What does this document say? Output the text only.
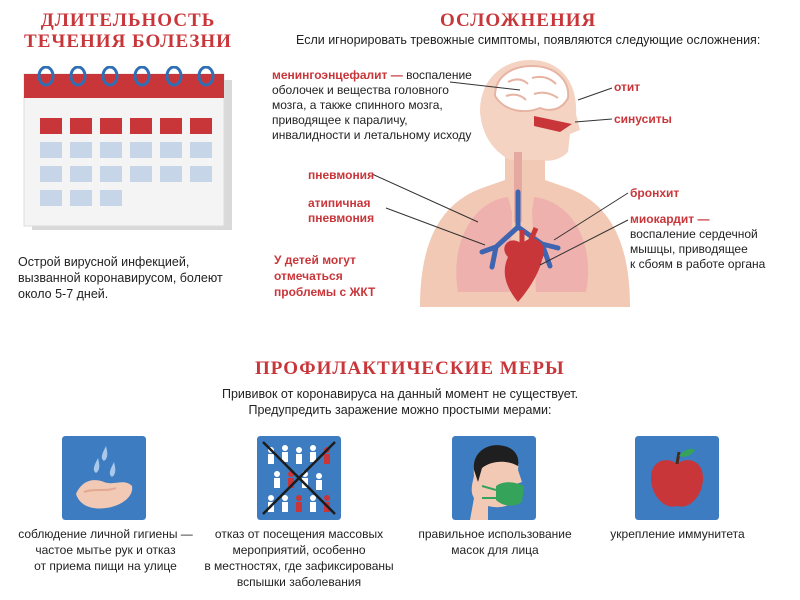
ДЛИТЕЛЬНОСТЬ
ТЕЧЕНИЯ БОЛЕЗНИ

Острой вирусной инфекцией,
вызванной коронавирусом, болеют
около 5-7 дней.

ОСЛОЖНЕНИЯ

Если игнорировать тревожные симптомы, появляются следующие осложнения:

менингоэнцефалит — воспаление
оболочек и вещества головного
мозга, а также спинного мозга,
приводящее к параличу,
инвалидности и летальному исходу

пневмония

атипичная
пневмония

У детей могут
отмечаться
проблемы с ЖКТ

отит

синуситы

бронхит

миокардит —
воспаление сердечной
мышцы, приводящее
к сбоям в работе органа

ПРОФИЛАКТИЧЕСКИЕ МЕРЫ

Прививок от коронавируса на данный момент не существует.
Предупредить заражение можно простыми мерами:

соблюдение личной гигиены —
частое мытье рук и отказ
от приема пищи на улице

отказ от посещения массовых
мероприятий, особенно
в местностях, где зафиксированы
вспышки заболевания

правильное использование
масок для лица

укрепление иммунитета
